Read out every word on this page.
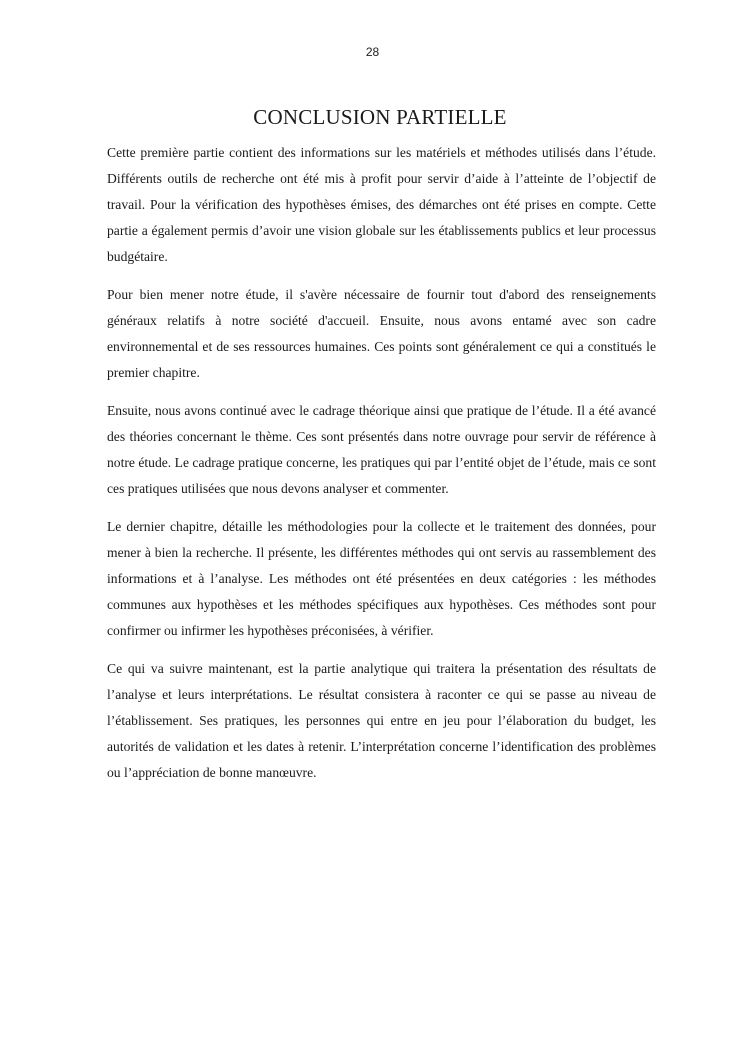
28
CONCLUSION PARTIELLE

Cette première partie contient des informations sur les matériels et méthodes utilisés dans l’étude. Différents outils de recherche ont été mis à profit pour servir d’aide à l’atteinte de l’objectif de travail. Pour la vérification des hypothèses émises, des démarches ont été prises en compte. Cette partie a également permis d’avoir une vision globale sur les établissements publics et leur processus budgétaire.

Pour bien mener notre étude, il s'avère nécessaire de fournir tout d'abord des renseignements généraux relatifs à notre société d'accueil. Ensuite, nous avons entamé avec son cadre environnemental et de ses ressources humaines. Ces points sont généralement ce qui a constitués le premier chapitre.

Ensuite, nous avons continué avec le cadrage théorique ainsi que pratique de l’étude. Il a été avancé des théories concernant le thème. Ces sont présentés dans notre ouvrage pour servir de référence à notre étude. Le cadrage pratique concerne, les pratiques qui par l’entité objet de l’étude, mais ce sont ces pratiques utilisées que nous devons analyser et commenter.

Le dernier chapitre, détaille les méthodologies pour la collecte et le traitement des données, pour mener à bien la recherche. Il présente, les différentes méthodes qui ont servis au rassemblement des informations et à l’analyse. Les méthodes ont été présentées en deux catégories : les méthodes communes aux hypothèses et les méthodes spécifiques aux hypothèses. Ces méthodes sont pour confirmer ou infirmer les hypothèses préconisées, à vérifier.

Ce qui va suivre maintenant, est la partie analytique qui traitera la présentation des résultats de l’analyse et leurs interprétations. Le résultat consistera à raconter ce qui se passe au niveau de l’établissement. Ses pratiques, les personnes qui entre en jeu pour l’élaboration du budget, les autorités de validation et les dates à retenir. L’interprétation concerne l’identification des problèmes ou l’appréciation de bonne manœuvre.
